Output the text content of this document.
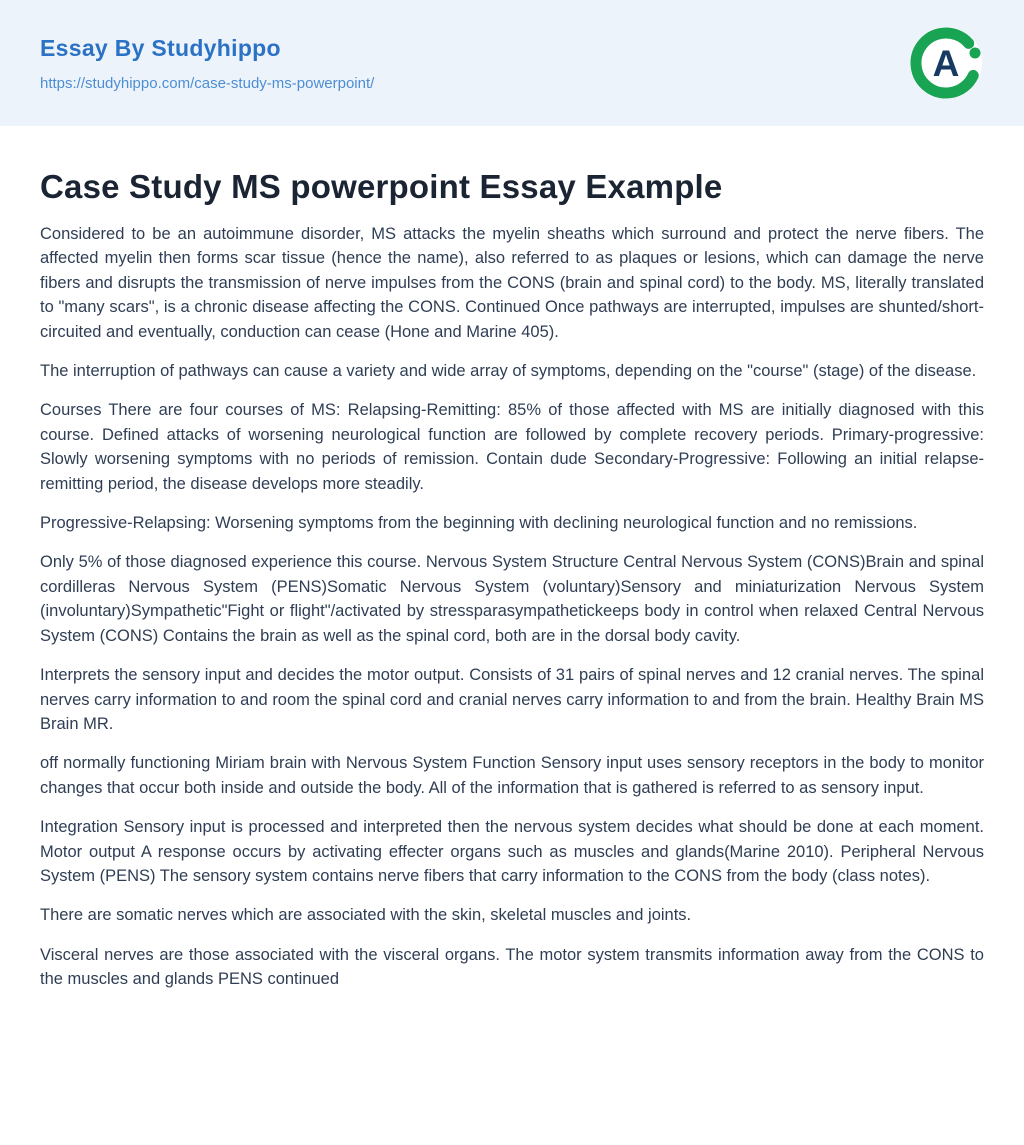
Essay By Studyhippo
https://studyhippo.com/case-study-ms-powerpoint/	A
Case Study MS powerpoint Essay Example

Considered to be an autoimmune disorder, MS attacks the myelin sheaths which surround and protect the nerve fibers. The affected myelin then forms scar tissue (hence the name), also referred to as plaques or lesions, which can damage the nerve fibers and disrupts the transmission of nerve impulses from the CONS (brain and spinal cord) to the body. MS, literally translated to "many scars", is a chronic disease affecting the CONS. Continued Once pathways are interrupted, impulses are shunted/short-circuited and eventually, conduction can cease (Hone and Marine 405).

The interruption of pathways can cause a variety and wide array of symptoms, depending on the "course" (stage) of the disease.

Courses There are four courses of MS: Relapsing-Remitting: 85% of those affected with MS are initially diagnosed with this course. Defined attacks of worsening neurological function are followed by complete recovery periods. Primary-progressive: Slowly worsening symptoms with no periods of remission. Contain dude Secondary-Progressive: Following an initial relapse-remitting period, the disease develops more steadily.

Progressive-Relapsing: Worsening symptoms from the beginning with declining neurological function and no remissions.

Only 5% of those diagnosed experience this course. Nervous System Structure Central Nervous System (CONS)Brain and spinal cordilleras Nervous System (PENS)Somatic Nervous System (voluntary)Sensory and miniaturization Nervous System (involuntary)Sympathetic"Fight or flight"/activated by stressparasympathetickeeps body in control when relaxed Central Nervous System (CONS) Contains the brain as well as the spinal cord, both are in the dorsal body cavity.

Interprets the sensory input and decides the motor output. Consists of 31 pairs of spinal nerves and 12 cranial nerves. The spinal nerves carry information to and room the spinal cord and cranial nerves carry information to and from the brain. Healthy Brain MS Brain MR.

off normally functioning Miriam brain with Nervous System Function Sensory input uses sensory receptors in the body to monitor changes that occur both inside and outside the body. All of the information that is gathered is referred to as sensory input.

Integration Sensory input is processed and interpreted then the nervous system decides what should be done at each moment. Motor output A response occurs by activating effecter organs such as muscles and glands(Marine 2010). Peripheral Nervous System (PENS) The sensory system contains nerve fibers that carry information to the CONS from the body (class notes).

There are somatic nerves which are associated with the skin, skeletal muscles and joints.

Visceral nerves are those associated with the visceral organs. The motor system transmits information away from the CONS to the muscles and glands PENS continued
